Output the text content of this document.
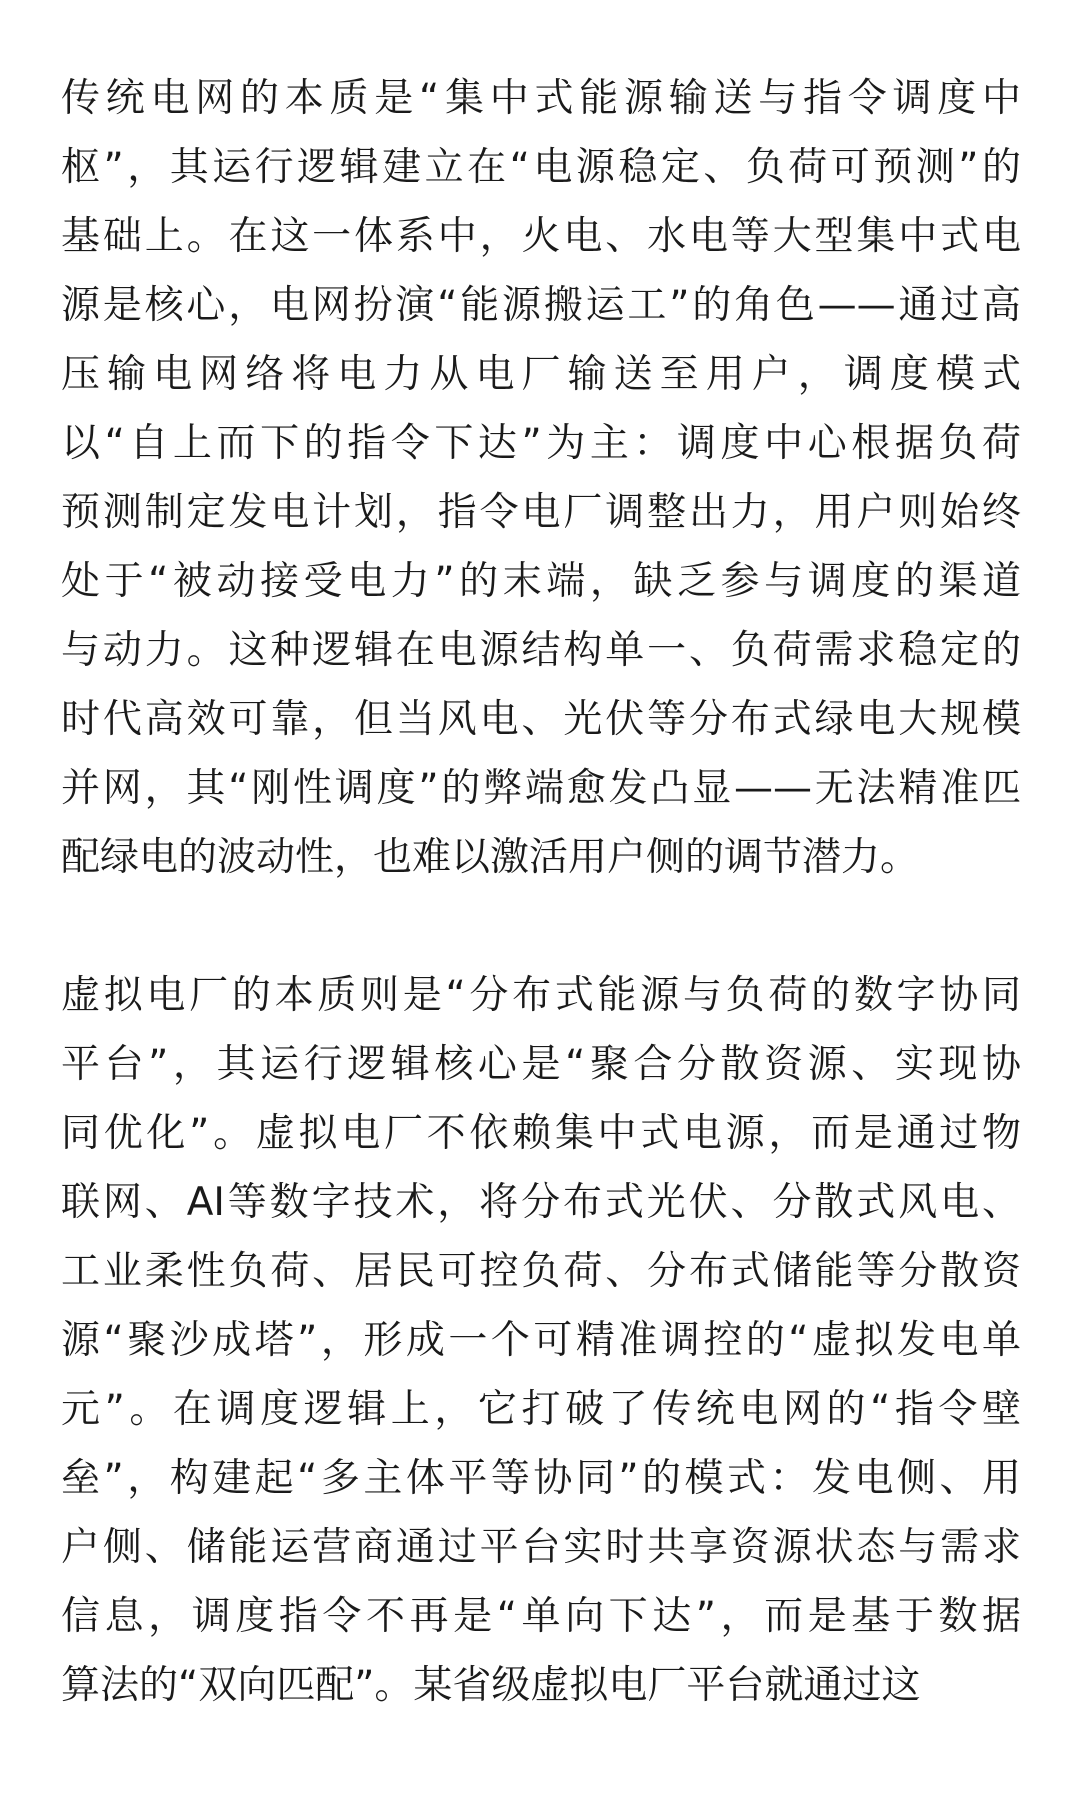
传统电网的本质是“集中式能源输送与指令调度中
枢”，其运行逻辑建立在“电源稳定、负荷可预测”的
基础上。在这一体系中，火电、水电等大型集中式电
源是核心，电网扮演“能源搬运工”的角色——通过高
压输电网络将电力从电厂输送至用户，调度模式
以“自上而下的指令下达”为主：调度中心根据负荷
预测制定发电计划，指令电厂调整出力，用户则始终
处于“被动接受电力”的末端，缺乏参与调度的渠道
与动力。这种逻辑在电源结构单一、负荷需求稳定的
时代高效可靠，但当风电、光伏等分布式绿电大规模
并网，其“刚性调度”的弊端愈发凸显——无法精准匹
配绿电的波动性，也难以激活用户侧的调节潜力。
虚拟电厂的本质则是“分布式能源与负荷的数字协同
平台”，其运行逻辑核心是“聚合分散资源、实现协
同优化”。虚拟电厂不依赖集中式电源，而是通过物
联网、AI等数字技术，将分布式光伏、分散式风电、
工业柔性负荷、居民可控负荷、分布式储能等分散资
源“聚沙成塔”，形成一个可精准调控的“虚拟发电单
元”。在调度逻辑上，它打破了传统电网的“指令壁
垒”，构建起“多主体平等协同”的模式：发电侧、用
户侧、储能运营商通过平台实时共享资源状态与需求
信息，调度指令不再是“单向下达”，而是基于数据
算法的“双向匹配”。某省级虚拟电厂平台就通过这
